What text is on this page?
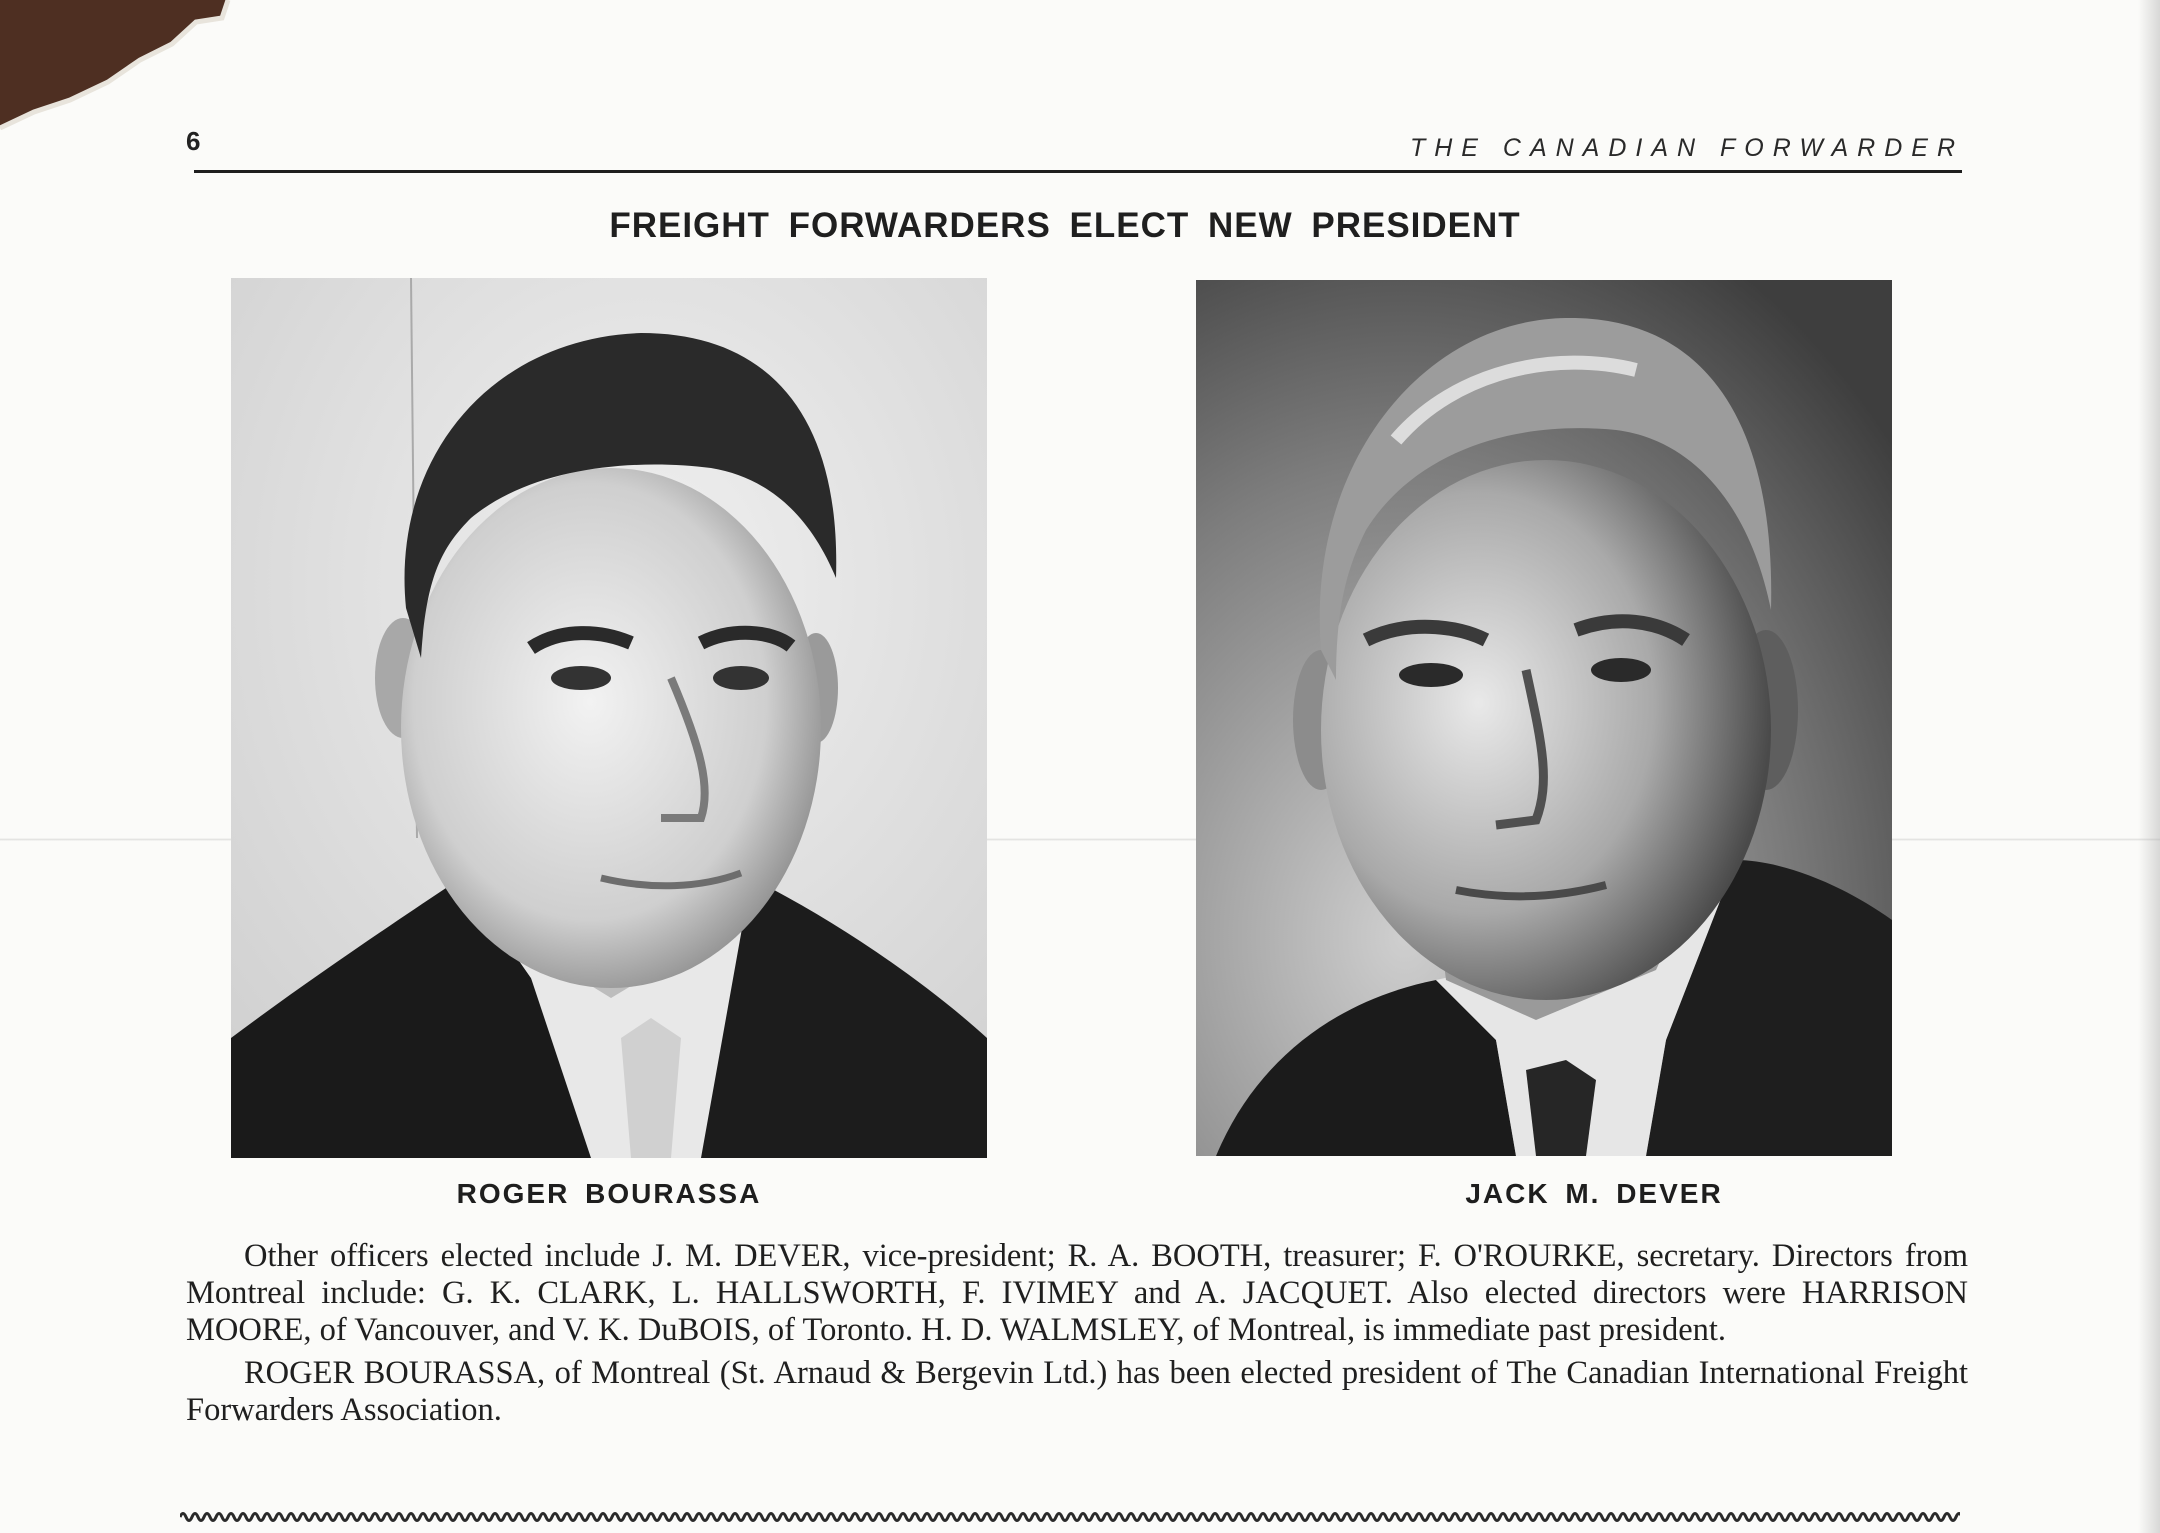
6	THE CANADIAN FORWARDER
FREIGHT FORWARDERS ELECT NEW PRESIDENT
ROGER BOURASSA	JACK M. DEVER

Other officers elected include J. M. DEVER, vice-president; R. A. BOOTH, treasurer; F. O'ROURKE, secretary. Directors from Montreal include: G. K. CLARK, L. HALLSWORTH, F. IVIMEY and A. JACQUET. Also elected directors were HARRISON MOORE, of Vancouver, and V. K. DuBOIS, of Toronto. H. D. WALMSLEY, of Montreal, is immediate past president.

ROGER BOURASSA, of Montreal (St. Arnaud & Bergevin Ltd.) has been elected president of The Canadian International Freight Forwarders Association.
